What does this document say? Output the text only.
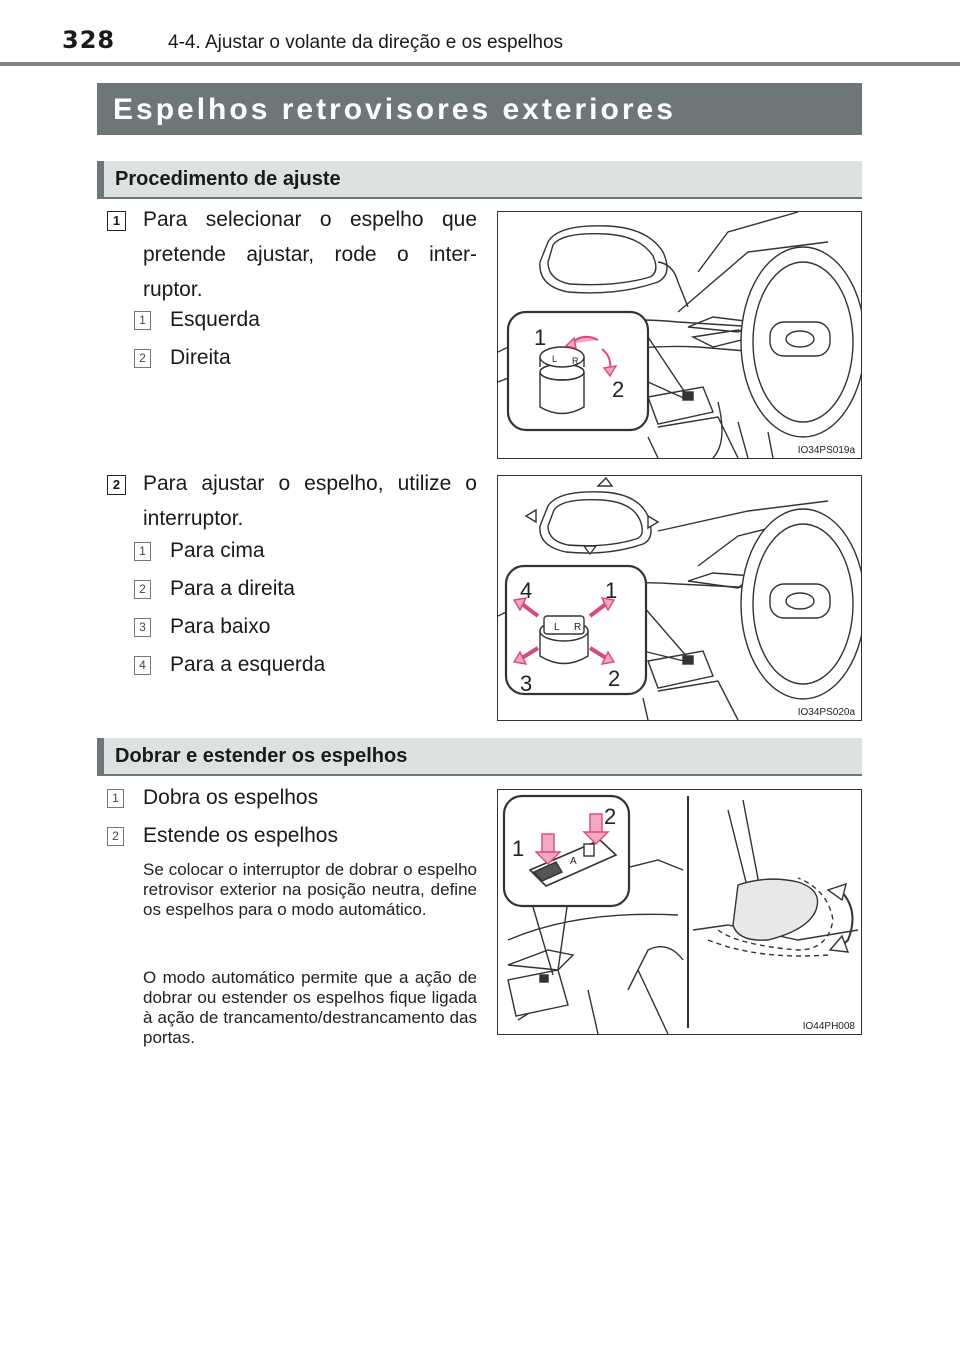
328	4-4. Ajustar o volante da direção e os espelhos
Espelhos retrovisores exteriores
Procedimento de ajuste
1 Para selecionar o espelho que pretende ajustar, rode o inter-ruptor.
1 Esquerda
2 Direita
1
2
L R
IO34PS019a
2 Para ajustar o espelho, utilize o interruptor.
1 Para cima
2 Para a direita
3 Para baixo
4 Para a esquerda
1
2
3
4
L R
IO34PS020a
Dobrar e estender os espelhos
1 Dobra os espelhos
2 Estende os espelhos
Se colocar o interruptor de dobrar o espelho retrovisor exterior na posição neutra, define os espelhos para o modo automático.
O modo automático permite que a ação de dobrar ou estender os espelhos fique ligada à ação de trancamento/destrancamento das portas.
1
2
A
IO44PH008
